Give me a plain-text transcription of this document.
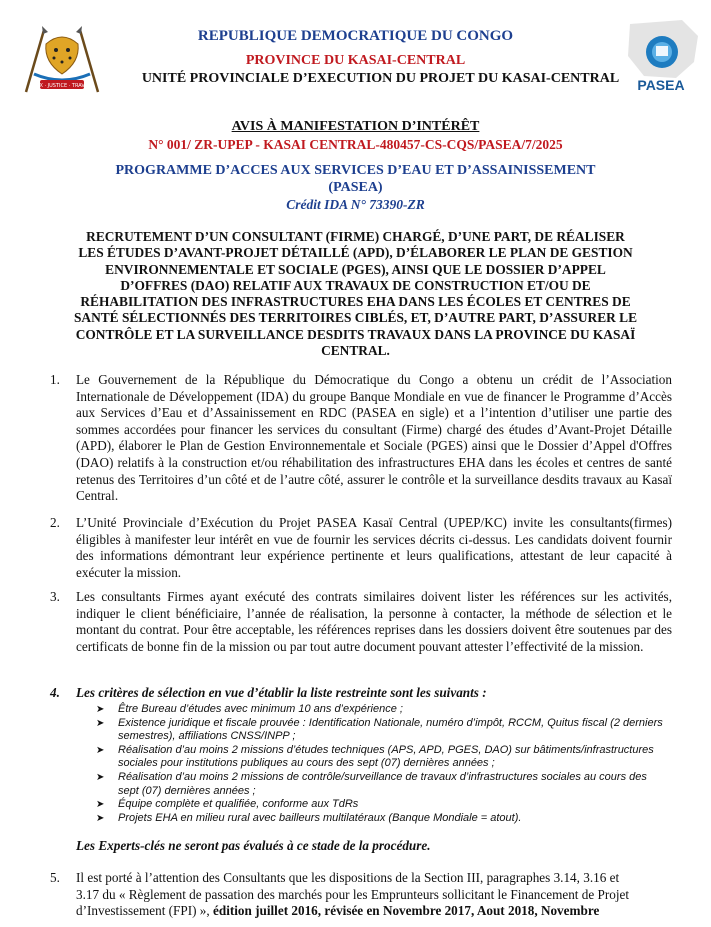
PAIX · JUSTICE · TRAVAIL	PASEA
REPUBLIQUE DEMOCRATIQUE DU CONGO
PROVINCE DU KASAI-CENTRAL
UNITÉ PROVINCIALE D’EXECUTION DU PROJET DU KASAI-CENTRAL
AVIS À MANIFESTATION D’INTÉRÊT
N° 001/ ZR-UPEP - KASAI CENTRAL-480457-CS-CQS/PASEA/7/2025
PROGRAMME D’ACCES AUX SERVICES D’EAU ET D’ASSAINISSEMENT
(PASEA)
Crédit IDA N° 73390-ZR
RECRUTEMENT D’UN CONSULTANT (FIRME) CHARGÉ, D’UNE PART, DE RÉALISER
LES ÉTUDES D’AVANT-PROJET DÉTAILLÉ (APD), D’ÉLABORER LE PLAN DE GESTION
ENVIRONNEMENTALE ET SOCIALE (PGES), AINSI QUE LE DOSSIER D’APPEL
D’OFFRES (DAO) RELATIF AUX TRAVAUX DE CONSTRUCTION ET/OU DE
RÉHABILITATION DES INFRASTRUCTURES EHA DANS LES ÉCOLES ET CENTRES DE
SANTÉ SÉLECTIONNÉS DES TERRITOIRES CIBLÉS, ET, D’AUTRE PART, D’ASSURER LE
CONTRÔLE ET LA SURVEILLANCE DESDITS TRAVAUX DANS LA PROVINCE DU KASAÏ
CENTRAL.
1. Le Gouvernement de la République du Démocratique du Congo a obtenu un crédit de l’Association Internationale de Développement (IDA) du groupe Banque Mondiale en vue de financer le Programme d’Accès aux Services d’Eau et d’Assainissement en RDC (PASEA en sigle) et a l’intention d’utiliser une partie des sommes accordées pour financer les services du consultant (Firme) chargé des études d’Avant-Projet Détaille (APD), élaborer le Plan de Gestion Environnementale et Sociale (PGES) ainsi que le Dossier d’Appel d'Offres (DAO) relatifs à la construction et/ou réhabilitation des infrastructures EHA dans les écoles et centres de santé retenus des Territoires d’un côté et de l’autre côté, assurer le contrôle et la surveillance desdits travaux au Kasaï Central.
2. L’Unité Provinciale d’Exécution du Projet PASEA Kasaï Central (UPEP/KC) invite les consultants(firmes) éligibles à manifester leur intérêt en vue de fournir les services décrits ci-dessus. Les candidats doivent fournir des informations démontrant leur expérience pertinente et leurs qualifications, attestant de leur capacité à exécuter la mission.
3. Les consultants Firmes ayant exécuté des contrats similaires doivent lister les références sur les activités, indiquer le client bénéficiaire, l’année de réalisation, la personne à contacter, la méthode de sélection et le montant du contrat. Pour être acceptable, les références reprises dans les dossiers doivent être soutenues par des certificats de bonne fin de la mission ou par tout autre document pouvant attester l’effectivité de la mission.
4. Les critères de sélection en vue d’établir la liste restreinte sont les suivants :
➤ Être Bureau d’études avec minimum 10 ans d’expérience ;
➤ Existence juridique et fiscale prouvée : Identification Nationale, numéro d’impôt, RCCM, Quitus fiscal (2 derniers semestres), affiliations CNSS/INPP ;
➤ Réalisation d’au moins 2 missions d’études techniques (APS, APD, PGES, DAO) sur bâtiments/infrastructures sociales pour institutions publiques au cours des sept (07) dernières années ;
➤ Réalisation d’au moins 2 missions de contrôle/surveillance de travaux d’infrastructures sociales au cours des sept (07) dernières années ;
➤ Équipe complète et qualifiée, conforme aux TdRs
➤ Projets EHA en milieu rural avec bailleurs multilatéraux (Banque Mondiale = atout).
Les Experts-clés ne seront pas évalués à ce stade de la procédure.
5. Il est porté à l’attention des Consultants que les dispositions de la Section III, paragraphes 3.14, 3.16 et
3.17 du « Règlement de passation des marchés pour les Emprunteurs sollicitant le Financement de Projet
d’Investissement (FPI) », édition juillet 2016, révisée en Novembre 2017, Aout 2018, Novembre
